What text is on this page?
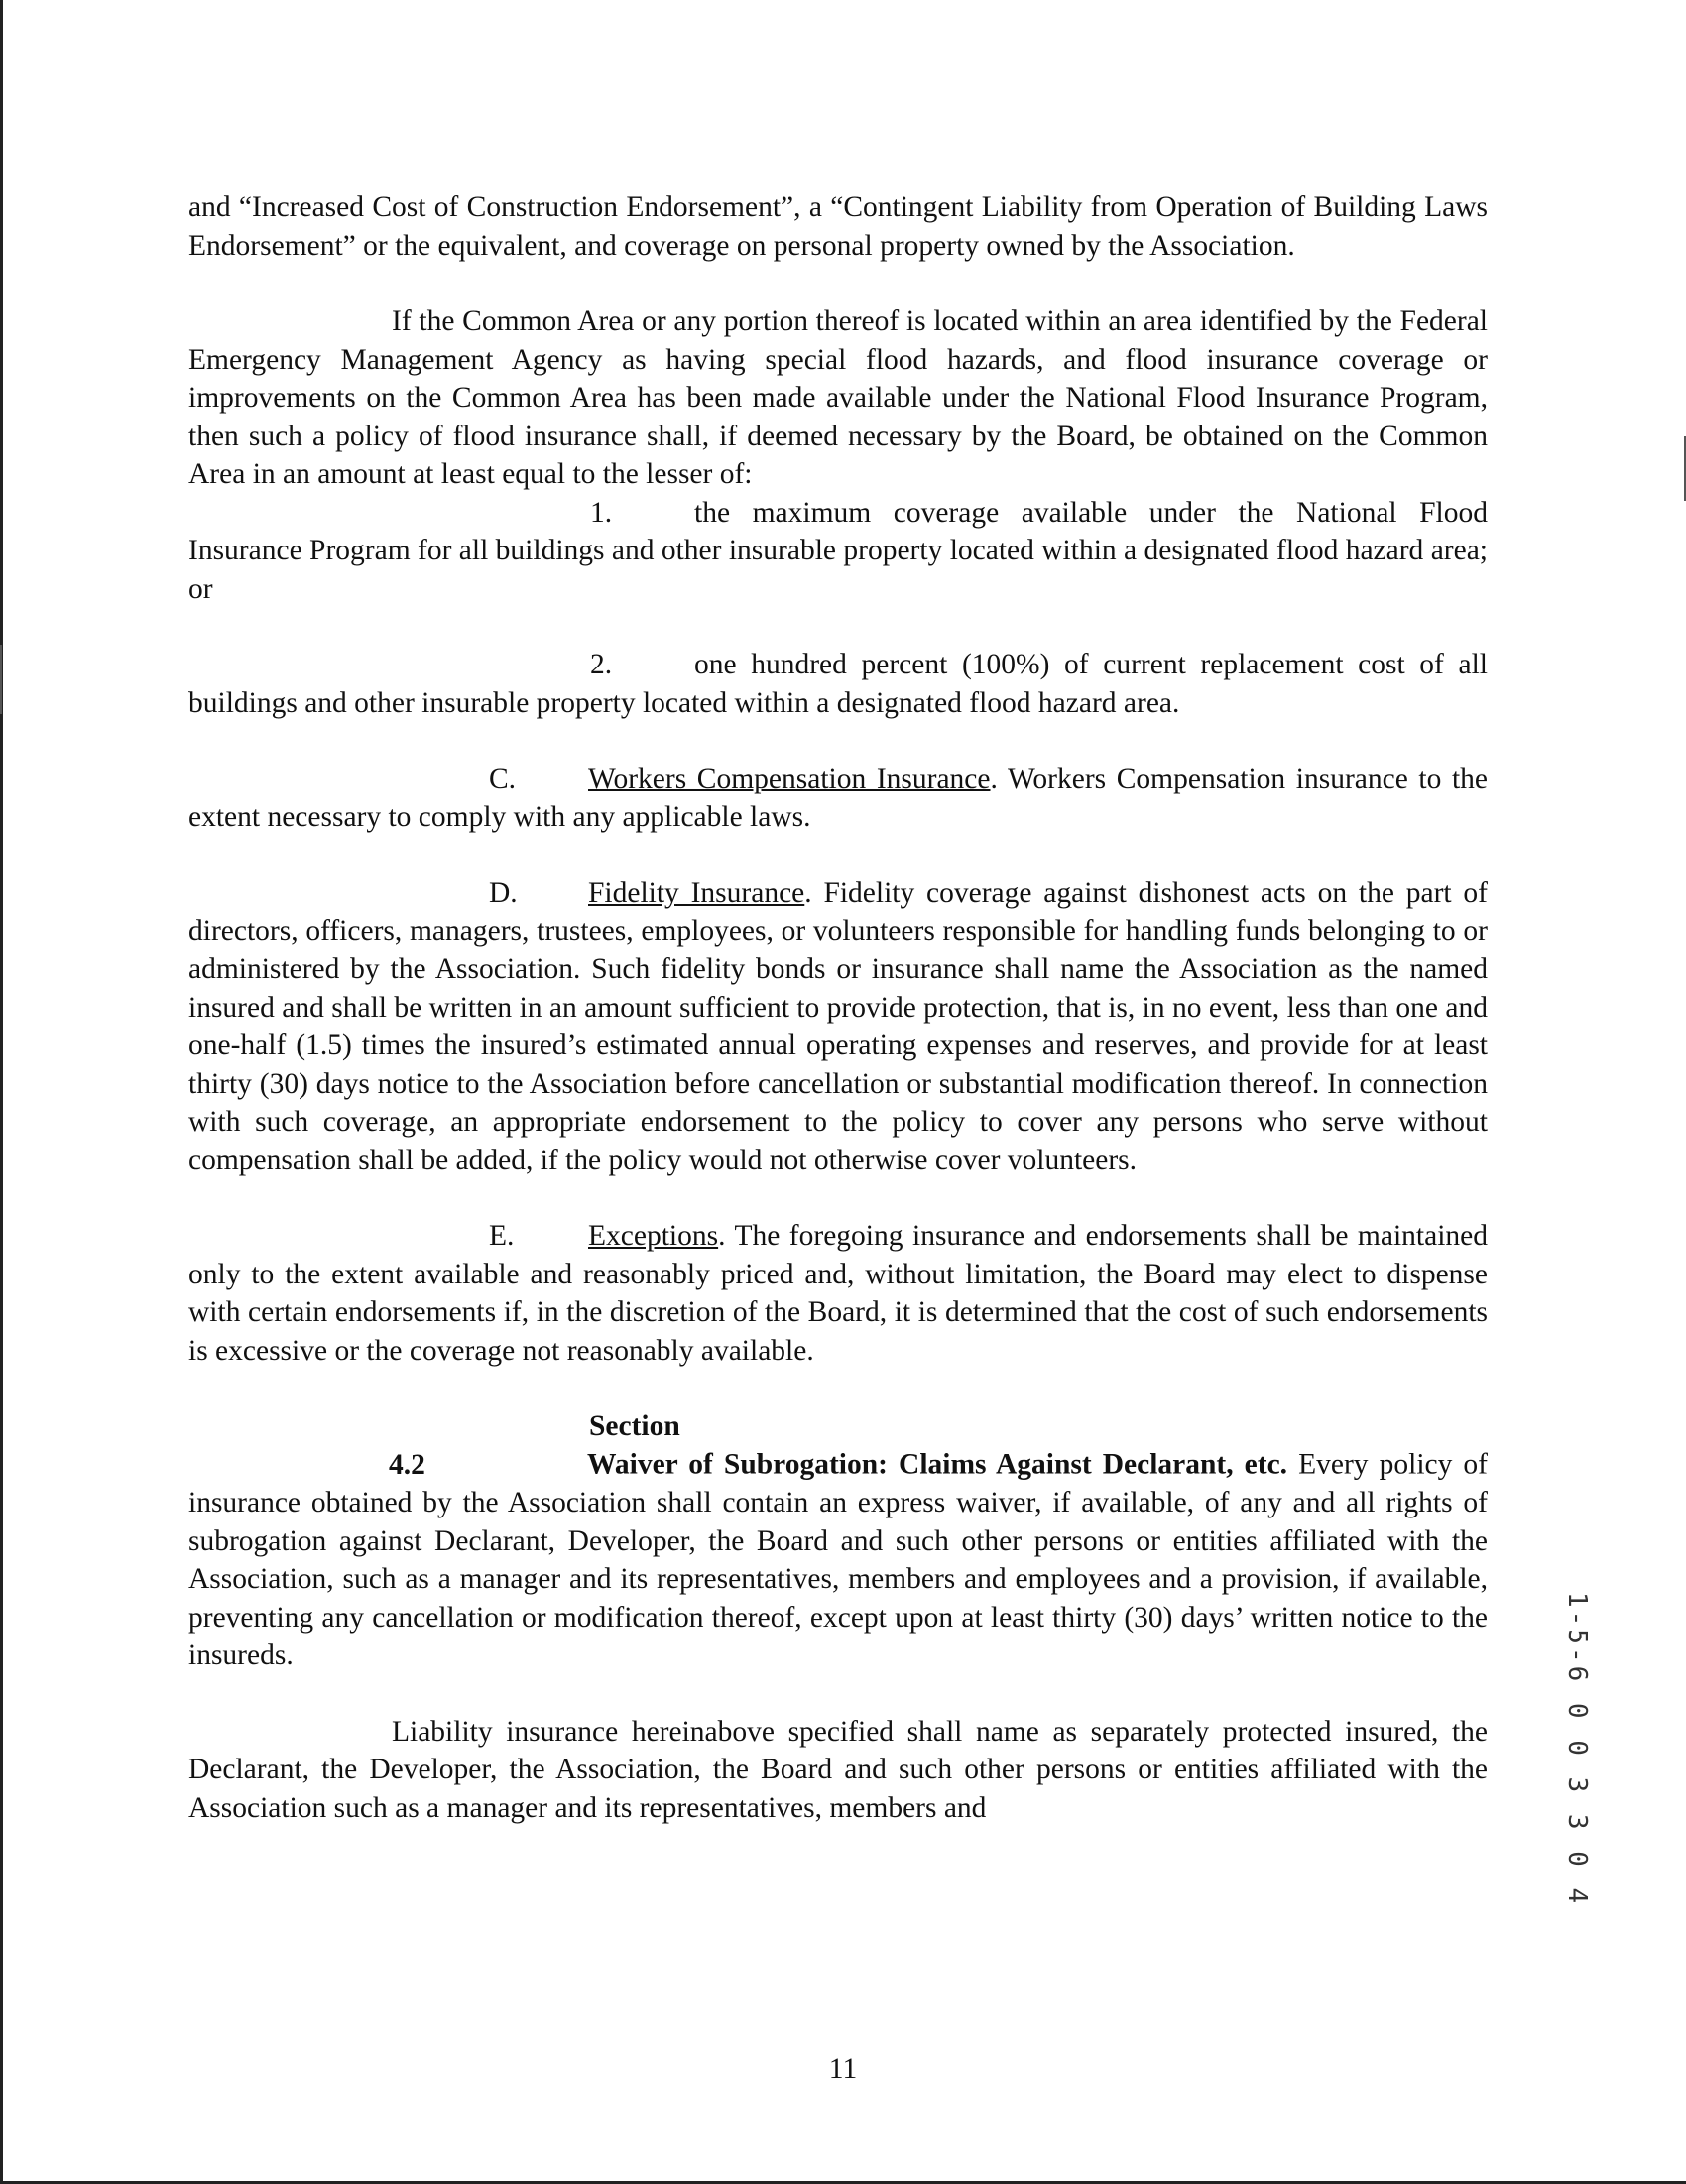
and “Increased Cost of Construction Endorsement”, a “Contingent Liability from Operation of Building Laws Endorsement” or the equivalent, and coverage on personal property owned by the Association.

If the Common Area or any portion thereof is located within an area identified by the Federal Emergency Management Agency as having special flood hazards, and flood insurance coverage or improvements on the Common Area has been made available under the National Flood Insurance Program, then such a policy of flood insurance shall, if deemed necessary by the Board, be obtained on the Common Area in an amount at least equal to the lesser of:

1.	the maximum coverage available under the National Flood Insurance Program for all buildings and other insurable property located within a designated flood hazard area; or

2.	one hundred percent (100%) of current replacement cost of all buildings and other insurable property located within a designated flood hazard area.

C. Workers Compensation Insurance. Workers Compensation insurance to the extent necessary to comply with any applicable laws.

D. Fidelity Insurance. Fidelity coverage against dishonest acts on the part of directors, officers, managers, trustees, employees, or volunteers responsible for handling funds belonging to or administered by the Association. Such fidelity bonds or insurance shall name the Association as the named insured and shall be written in an amount sufficient to provide protection, that is, in no event, less than one and one-half (1.5) times the insured’s estimated annual operating expenses and reserves, and provide for at least thirty (30) days notice to the Association before cancellation or substantial modification thereof. In connection with such coverage, an appropriate endorsement to the policy to cover any persons who serve without compensation shall be added, if the policy would not otherwise cover volunteers.

E.	Exceptions. The foregoing insurance and endorsements shall be maintained only to the extent available and reasonably priced and, without limitation, the Board may elect to dispense with certain endorsements if, in the discretion of the Board, it is determined that the cost of such endorsements is excessive or the coverage not reasonably available.

Section 4.2	Waiver of Subrogation: Claims Against Declarant, etc. Every policy of insurance obtained by the Association shall contain an express waiver, if available, of any and all rights of subrogation against Declarant, Developer, the Board and such other persons or entities affiliated with the Association, such as a manager and its representatives, members and employees and a provision, if available, preventing any cancellation or modification thereof, except upon at least thirty (30) days’ written notice to the insureds.

Liability insurance hereinabove specified shall name as separately protected insured, the Declarant, the Developer, the Association, the Board and such other persons or entities affiliated with the Association such as a manager and its representatives, members and

11
1-5-6 0 0 3 3 0 4
